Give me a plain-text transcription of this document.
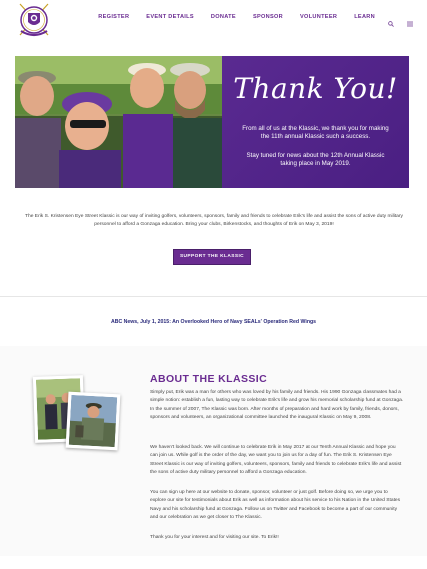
REGISTER	EVENT DETAILS	DONATE	SPONSOR	VOLUNTEER	LEARN
Thank You!
From all of us at the Klassic, we thank you for making the 11th annual Klassic such a success.
Stay tuned for news about the 12th Annual Klassic taking place in May 2019.
The Erik S. Kristensen Eye Street Klassic is our way of inviting golfers, volunteers, sponsors, family and friends to celebrate Erik's life and assist the sons of active duty military personnel to afford a Gonzaga education. Bring your clubs, Birkenstocks, and thoughts of Erik on May 3, 2019!
SUPPORT THE KLASSIC
ABC News, July 1, 2015: An Overlooked Hero of Navy SEALs' Operation Red Wings
ABOUT THE KLASSIC
Simply put, Erik was a man for others who was loved by his family and friends. His 1990 Gonzaga classmates had a simple notion: establish a fun, lasting way to celebrate Erik's life and grow his memorial scholarship fund at Gonzaga. In the summer of 2007, The Klassic was born. After months of preparation and hard work by family, friends, donors, sponsors and volunteers, an organizational committee launched the inaugural Klassic on May 9, 2008.
We haven't looked back. We will continue to celebrate Erik in May 2017 at our Tenth Annual Klassic and hope you can join us. While golf is the order of the day, we want you to join us for a day of fun. The Erik S. Kristensen Eye Street Klassic is our way of inviting golfers, volunteers, sponsors, family and friends to celebrate Erik's life and assist the sons of active duty military personnel to afford a Gonzaga education.
You can sign up here at our website to donate, sponsor, volunteer or just golf. Before doing so, we urge you to explore our site for testimonials about Erik as well as information about his service to his Nation in the United States Navy and his scholarship fund at Gonzaga. Follow us on Twitter and Facebook to become a part of our community and our celebration as we get closer to The Klassic.
Thank you for your interest and for visiting our site. To Erik!!
